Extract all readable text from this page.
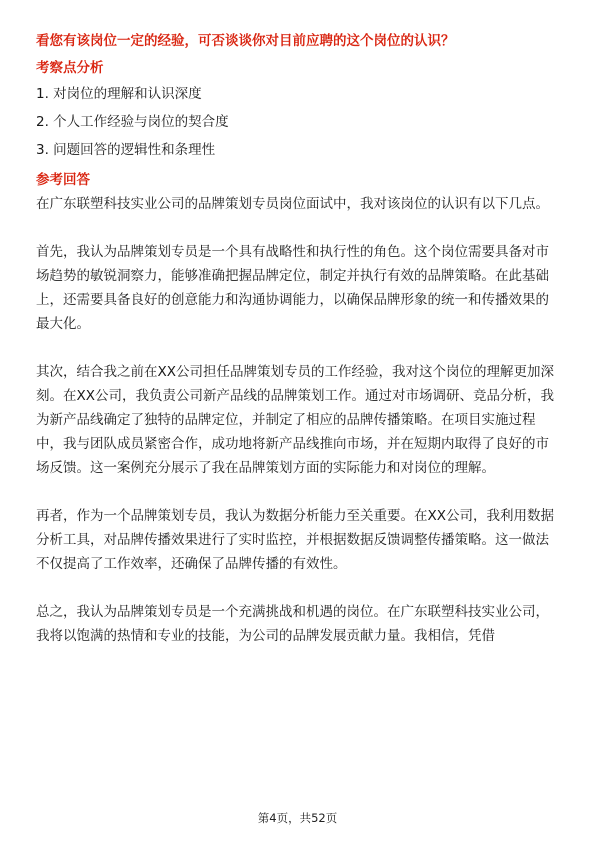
看您有该岗位一定的经验，可否谈谈你对目前应聘的这个岗位的认识？

考察点分析

1. 对岗位的理解和认识深度

2. 个人工作经验与岗位的契合度

3. 问题回答的逻辑性和条理性

参考回答

在广东联塑科技实业公司的品牌策划专员岗位面试中，我对该岗位的认识有以下几点。

首先，我认为品牌策划专员是一个具有战略性和执行性的角色。这个岗位需要具备对市场趋势的敏锐洞察力，能够准确把握品牌定位，制定并执行有效的品牌策略。在此基础上，还需要具备良好的创意能力和沟通协调能力，以确保品牌形象的统一和传播效果的最大化。

其次，结合我之前在XX公司担任品牌策划专员的工作经验，我对这个岗位的理解更加深刻。在XX公司，我负责公司新产品线的品牌策划工作。通过对市场调研、竞品分析，我为新产品线确定了独特的品牌定位，并制定了相应的品牌传播策略。在项目实施过程中，我与团队成员紧密合作，成功地将新产品线推向市场，并在短期内取得了良好的市场反馈。这一案例充分展示了我在品牌策划方面的实际能力和对岗位的理解。

再者，作为一个品牌策划专员，我认为数据分析能力至关重要。在XX公司，我利用数据分析工具，对品牌传播效果进行了实时监控，并根据数据反馈调整传播策略。这一做法不仅提高了工作效率，还确保了品牌传播的有效性。

总之，我认为品牌策划专员是一个充满挑战和机遇的岗位。在广东联塑科技实业公司，我将以饱满的热情和专业的技能，为公司的品牌发展贡献力量。我相信，凭借

第4页，共52页
